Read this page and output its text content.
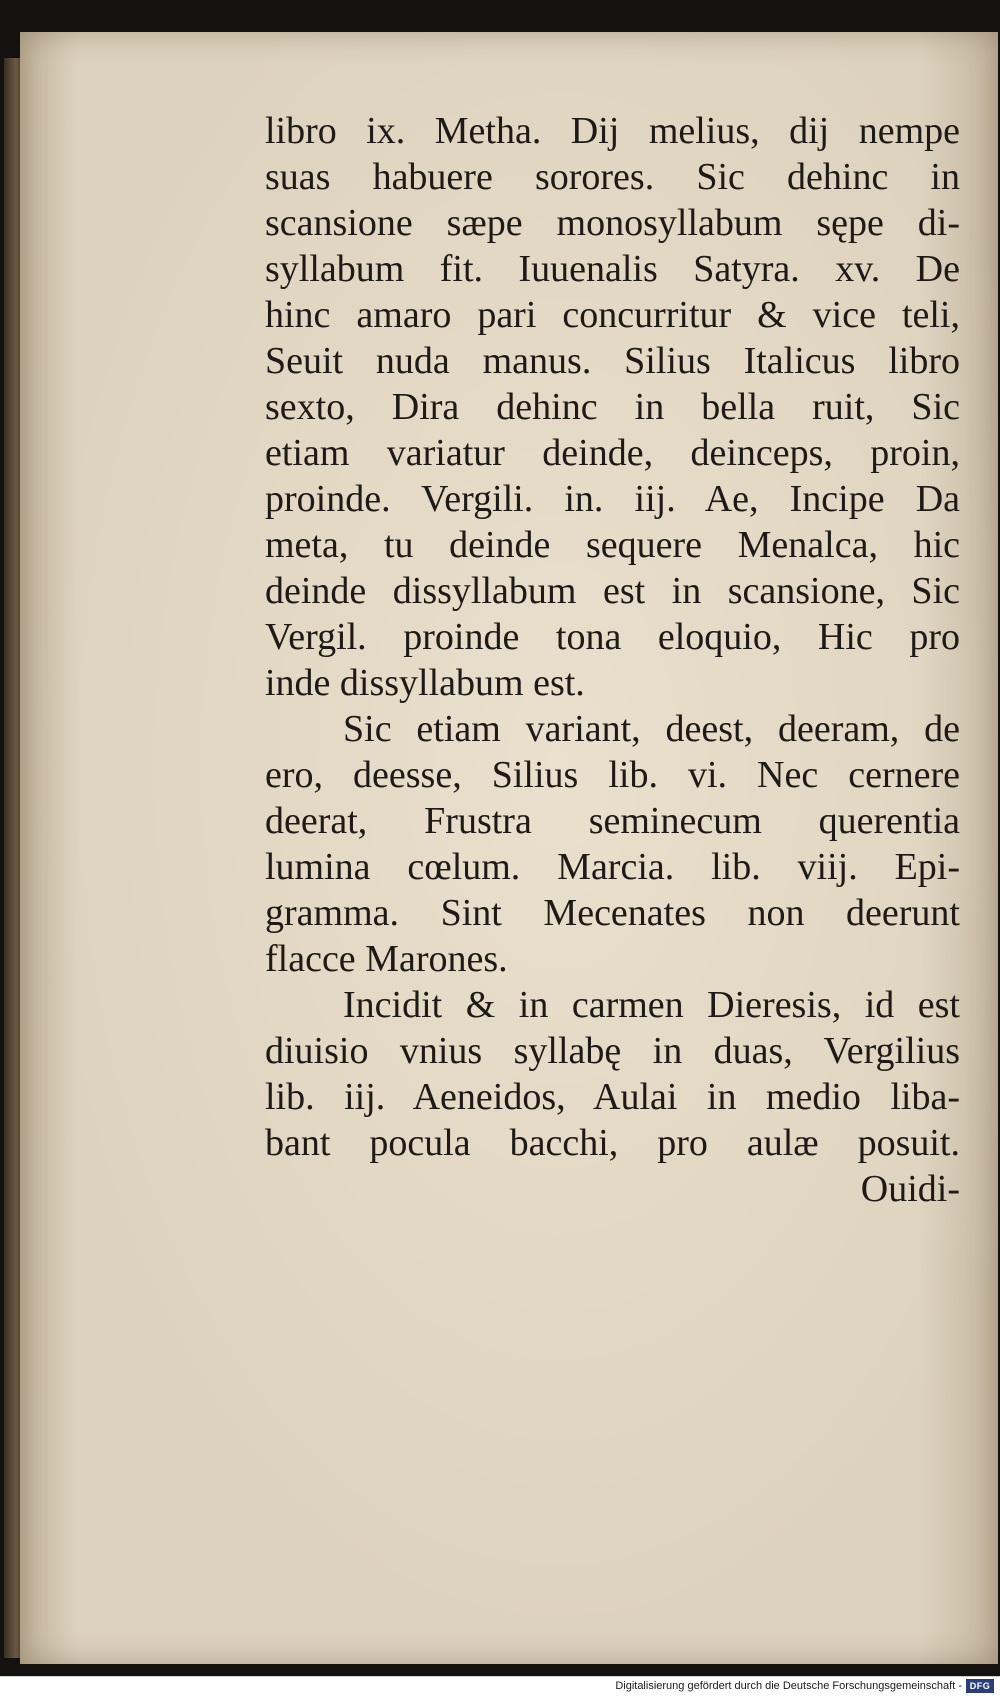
libro ix. Metha. Dij melius, dij nempe
suas habuere sorores. Sic dehinc in
scansione sæpe monosyllabum sępe di-
syllabum fit. Iuuenalis Satyra. xv. De
hinc amaro pari concurritur & vice teli,
Seuit nuda manus. Silius Italicus libro
sexto, Dira dehinc in bella ruit, Sic
etiam variatur deinde, deinceps, proin,
proinde. Vergili. in. iij. Ae, Incipe Da
meta, tu deinde sequere Menalca, hic
deinde dissyllabum est in scansione, Sic
Vergil. proinde tona eloquio, Hic pro
inde dissyllabum est.
Sic etiam variant, deest, deeram, de
ero, deesse, Silius lib. vi. Nec cernere
deerat, Frustra seminecum querentia
lumina cœlum. Marcia. lib. viij. Epi-
gramma. Sint Mecenates non deerunt
flacce Marones.
Incidit & in carmen Dieresis, id est
diuisio vnius syllabę in duas, Vergilius
lib. iij. Aeneidos, Aulai in medio liba-
bant pocula bacchi, pro aulæ posuit.
Ouidi-
Digitalisierung gefördert durch die Deutsche Forschungsgemeinschaft - DFG
